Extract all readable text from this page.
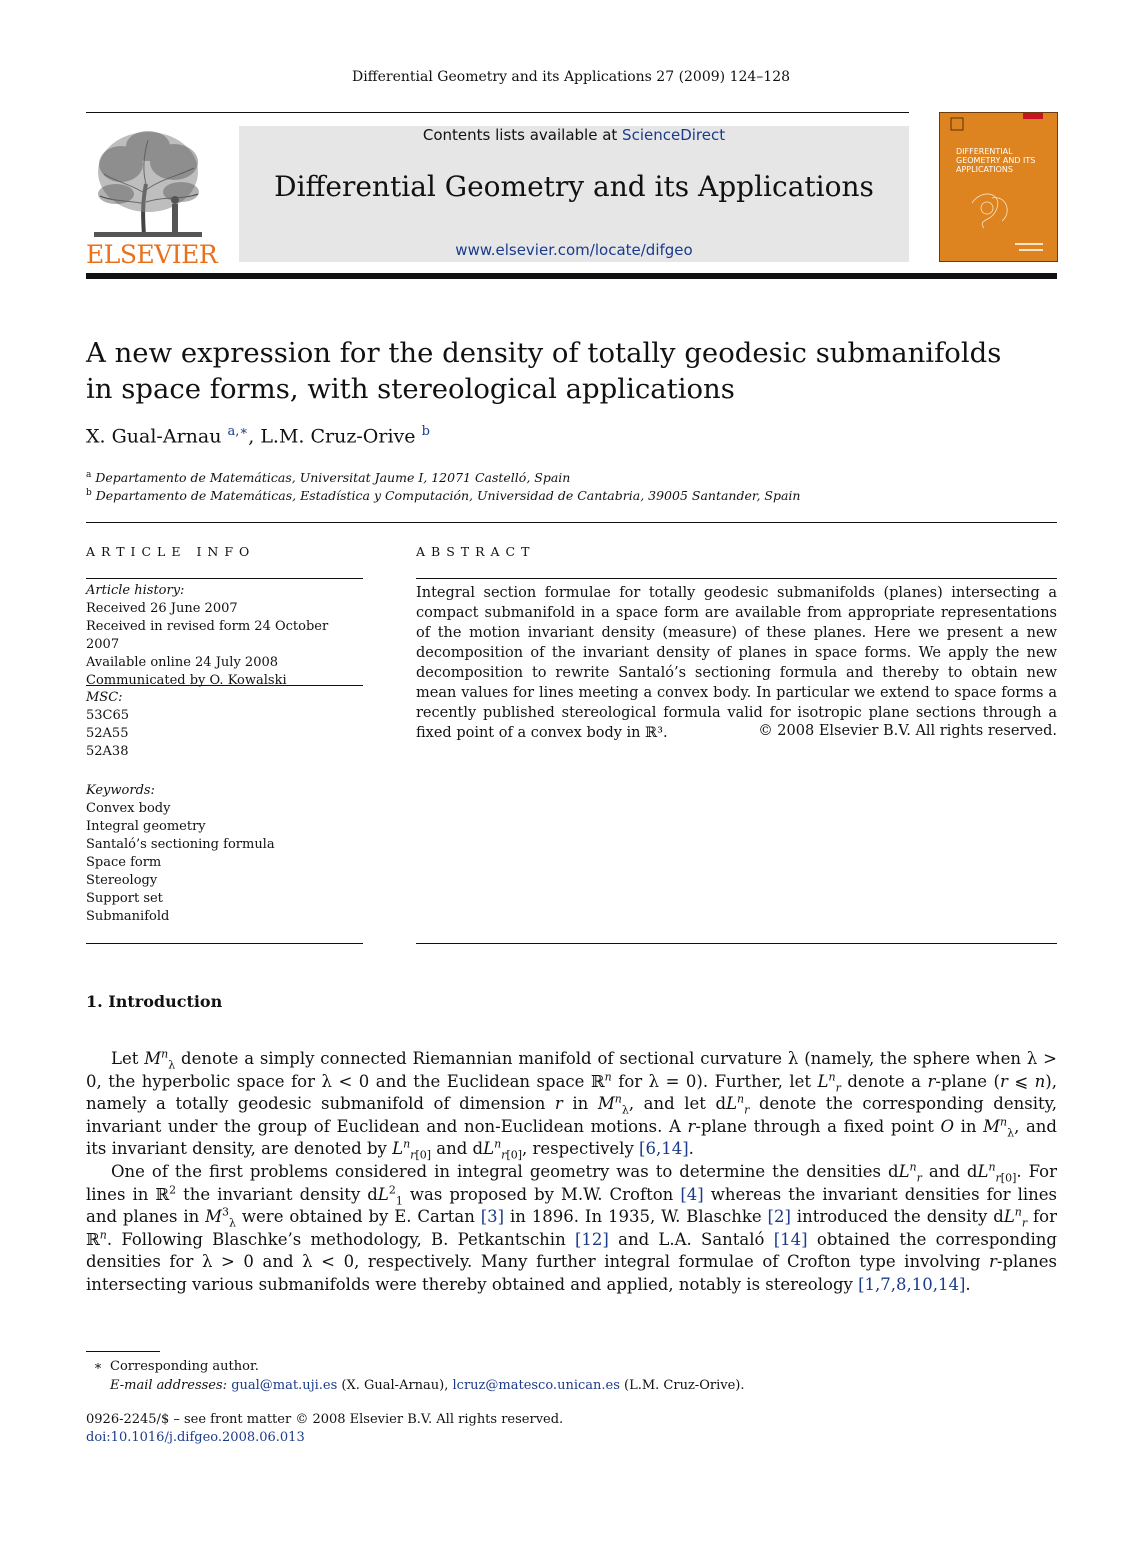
Differential Geometry and its Applications 27 (2009) 124–128
ELSEVIER
Contents lists available at ScienceDirect
Differential Geometry and its Applications
www.elsevier.com/locate/difgeo
DIFFERENTIAL GEOMETRY AND ITS APPLICATIONS
A new expression for the density of totally geodesic submanifolds
in space forms, with stereological applications
X. Gual-Arnau $^{a,∗}$, L.M. Cruz-Orive $^b$
$^a$ Departamento de Matemáticas, Universitat Jaume I, 12071 Castelló, Spain
$^b$ Departamento de Matemáticas, Estadística y Computación, Universidad de Cantabria, 39005 Santander, Spain
ARTICLE INFO	ABSTRACT
Article history:
Received 26 June 2007
Received in revised form 24 October 2007
Available online 24 July 2008
Communicated by O. Kowalski
MSC:
53C65
52A55
52A38
Keywords:
Convex body
Integral geometry
Santaló’s sectioning formula
Space form
Stereology
Support set
Submanifold
Integral section formulae for totally geodesic submanifolds (planes) intersecting a compact submanifold in a space form are available from appropriate representations of the motion invariant density (measure) of these planes. Here we present a new decomposition of the invariant density of planes in space forms. We apply the new decomposition to rewrite Santaló’s sectioning formula and thereby to obtain new mean values for lines meeting a convex body. In particular we extend to space forms a recently published stereological formula valid for isotropic plane sections through a fixed point of a convex body in ℝ³.	© 2008 Elsevier B.V. All rights reserved.
1. Introduction

Let $M^n_\lambda$ denote a simply connected Riemannian manifold of sectional curvature λ (namely, the sphere when λ > 0, the hyperbolic space for λ < 0 and the Euclidean space ℝ$^n$ for λ = 0). Further, let $L^n_r$ denote a r-plane (r ⩽ n), namely a totally geodesic submanifold of dimension r in $M^n_\lambda$, and let $dL^n_r$ denote the corresponding density, invariant under the group of Euclidean and non-Euclidean motions. A r-plane through a fixed point O in $M^n_\lambda$, and its invariant density, are denoted by $L^n_{r[0]}$ and $dL^n_{r[0]}$, respectively [6,14].

One of the first problems considered in integral geometry was to determine the densities $dL^n_r$ and $dL^n_{r[0]}$. For lines in ℝ$^2$ the invariant density $dL^2_1$ was proposed by M.W. Crofton [4] whereas the invariant densities for lines and planes in $M^3_\lambda$ were obtained by E. Cartan [3] in 1896. In 1935, W. Blaschke [2] introduced the density $dL^n_r$ for ℝ$^n$. Following Blaschke’s methodology, B. Petkantschin [12] and L.A. Santaló [14] obtained the corresponding densities for λ > 0 and λ < 0, respectively. Many further integral formulae of Crofton type involving r-planes intersecting various submanifolds were thereby obtained and applied, notably is stereology [1,7,8,10,14].

∗ Corresponding author.
E-mail addresses: gual@mat.uji.es (X. Gual-Arnau), lcruz@matesco.unican.es (L.M. Cruz-Orive).
0926-2245/$ – see front matter © 2008 Elsevier B.V. All rights reserved.
doi:10.1016/j.difgeo.2008.06.013
